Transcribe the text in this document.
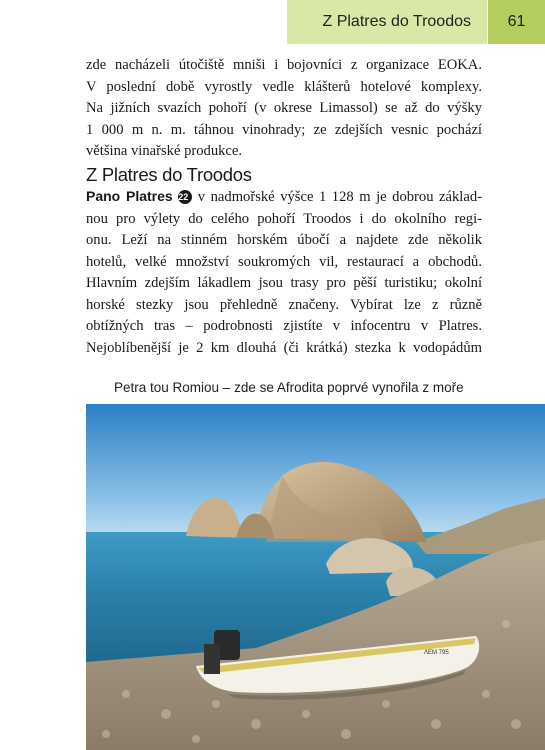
Z Platres do Troodos	61
zde nacházeli útočiště mniši i bojovníci z organizace EOKA.
V poslední době vyrostly vedle klášterů hotelové komplexy.
Na jižních svazích pohoří (v okrese Limassol) se až do výšky
1 000 m n. m. táhnou vinohrady; ze zdejších vesnic pochází
většina vinařské produkce.
Z Platres do Troodos
Pano Platres 22 v nadmořské výšce 1 128 m je dobrou základ-
nou pro výlety do celého pohoří Troodos i do okolního regi-
onu. Leží na stinném horském úbočí a najdete zde několik
hotelů, velké množství soukromých vil, restaurací a obchodů.
Hlavním zdejším lákadlem jsou trasy pro pěší turistiku; okolní
horské stezky jsou přehledně značeny. Vybírat lze z různě
obtížných tras – podrobnosti zjistíte v infocentru v Platres.
Nejoblíbenější je 2 km dlouhá (či krátká) stezka k vodopádům
Petra tou Romiou – zde se Afrodita poprvé vynořila z moře
ΛΕΜ 795
